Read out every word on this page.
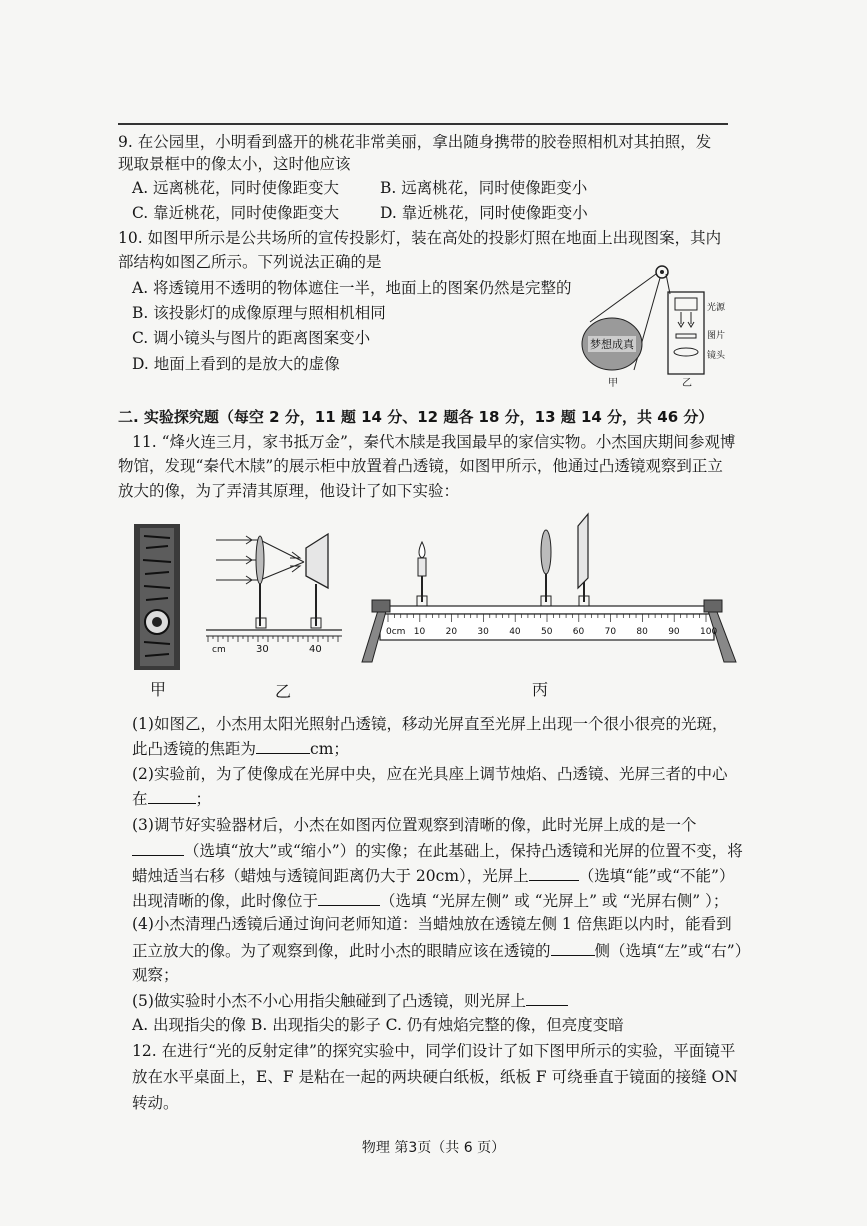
9. 在公园里，小明看到盛开的桃花非常美丽，拿出随身携带的胶卷照相机对其拍照，发
现取景框中的像太小，这时他应该
A. 远离桃花，同时使像距变大	B. 远离桃花，同时使像距变小
C. 靠近桃花，同时使像距变大	D. 靠近桃花，同时使像距变小
10. 如图甲所示是公共场所的宣传投影灯，装在高处的投影灯照在地面上出现图案，其内
部结构如图乙所示。下列说法正确的是
A. 将透镜用不透明的物体遮住一半，地面上的图案仍然是完整的
B. 该投影灯的成像原理与照相机相同
C. 调小镜头与图片的距离图案变小
D. 地面上看到的是放大的虚像
梦想成真
光源
图片
镜头
甲	乙
二. 实验探究题（每空 2 分，11 题 14 分、12 题各 18 分，13 题 14 分，共 46 分）
11. “烽火连三月，家书抵万金”，秦代木牍是我国最早的家信实物。小杰国庆期间参观博
物馆，发现“秦代木牍”的展示柜中放置着凸透镜，如图甲所示，他通过凸透镜观察到正立
放大的像，为了弄清其原理，他设计了如下实验：
甲
cm	30	40
乙
0cm 10 20 30 40 50 60 70 80 90 100
丙
(1)如图乙，小杰用太阳光照射凸透镜，移动光屏直至光屏上出现一个很小很亮的光斑，
此凸透镜的焦距为	cm；
(2)实验前，为了使像成在光屏中央，应在光具座上调节烛焰、凸透镜、光屏三者的中心
在	；
(3)调节好实验器材后，小杰在如图丙位置观察到清晰的像，此时光屏上成的是一个
（选填“放大”或“缩小”）的实像；在此基础上，保持凸透镜和光屏的位置不变，将
蜡烛适当右移（蜡烛与透镜间距离仍大于 20cm），光屏上	（选填“能”或“不能”）
出现清晰的像，此时像位于	（选填 “光屏左侧” 或 “光屏上” 或 “光屏右侧” ）；
(4)小杰清理凸透镜后通过询问老师知道：当蜡烛放在透镜左侧 1 倍焦距以内时，能看到
正立放大的像。为了观察到像，此时小杰的眼睛应该在透镜的	侧（选填“左”或“右”）
观察；
(5)做实验时小杰不小心用指尖触碰到了凸透镜，则光屏上
A. 出现指尖的像 B. 出现指尖的影子 C. 仍有烛焰完整的像，但亮度变暗
12. 在进行“光的反射定律”的探究实验中，同学们设计了如下图甲所示的实验，平面镜平
放在水平桌面上，E、F 是粘在一起的两块硬白纸板，纸板 F 可绕垂直于镜面的接缝 ON
转动。
物理 第3页（共 6 页）
